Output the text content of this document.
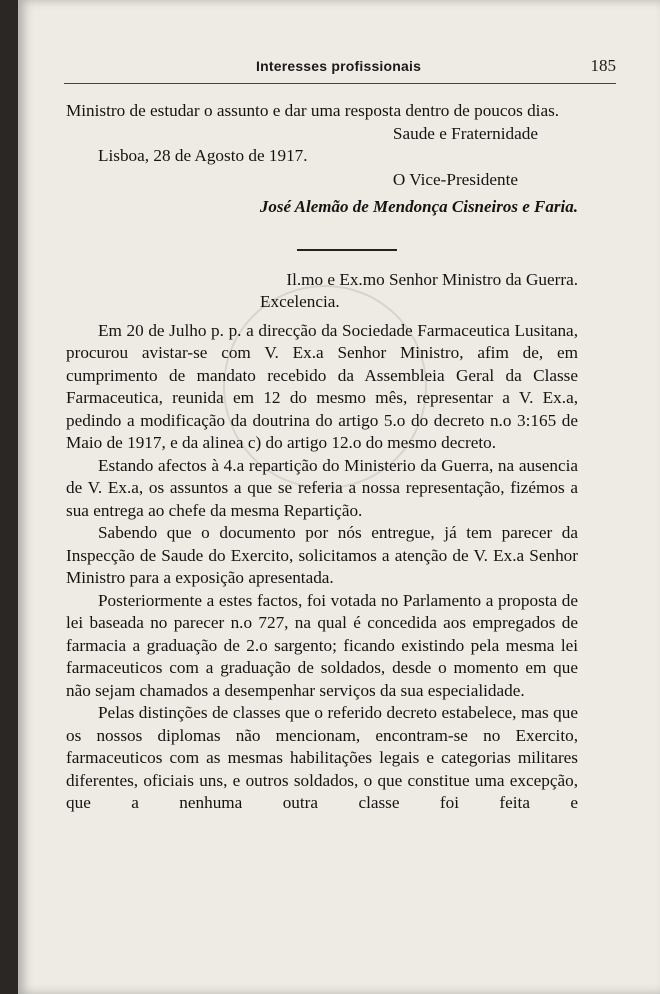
Interesses profissionais	185

Ministro de estudar o assunto e dar uma resposta dentro de poucos dias.

Saude e Fraternidade

Lisboa, 28 de Agosto de 1917.

O Vice-Presidente

José Alemão de Mendonça Cisneiros e Faria.

Il.mo e Ex.mo Senhor Ministro da Guerra.

Excelencia.

Em 20 de Julho p. p. a direcção da Sociedade Farmaceutica Lusitana, procurou avistar-se com V. Ex.a Senhor Ministro, afim de, em cumprimento de mandato recebido da Assembleia Geral da Classe Farmaceutica, reunida em 12 do mesmo mês, representar a V. Ex.a, pedindo a modificação da doutrina do artigo 5.o do decreto n.o 3:165 de Maio de 1917, e da alinea c) do artigo 12.o do mesmo decreto.

Estando afectos à 4.a repartição do Ministerio da Guerra, na ausencia de V. Ex.a, os assuntos a que se referia a nossa representação, fizémos a sua entrega ao chefe da mesma Repartição.

Sabendo que o documento por nós entregue, já tem parecer da Inspecção de Saude do Exercito, solicitamos a atenção de V. Ex.a Senhor Ministro para a exposição apresentada.

Posteriormente a estes factos, foi votada no Parlamento a proposta de lei baseada no parecer n.o 727, na qual é concedida aos empregados de farmacia a graduação de 2.o sargento; ficando existindo pela mesma lei farmaceuticos com a graduação de soldados, desde o momento em que não sejam chamados a desempenhar serviços da sua especialidade.

Pelas distinções de classes que o referido decreto estabelece, mas que os nossos diplomas não mencionam, encontram-se no Exercito, farmaceuticos com as mesmas habilitações legais e categorias militares diferentes, oficiais uns, e outros soldados, o que constitue uma excepção, que a nenhuma outra classe foi feita e
